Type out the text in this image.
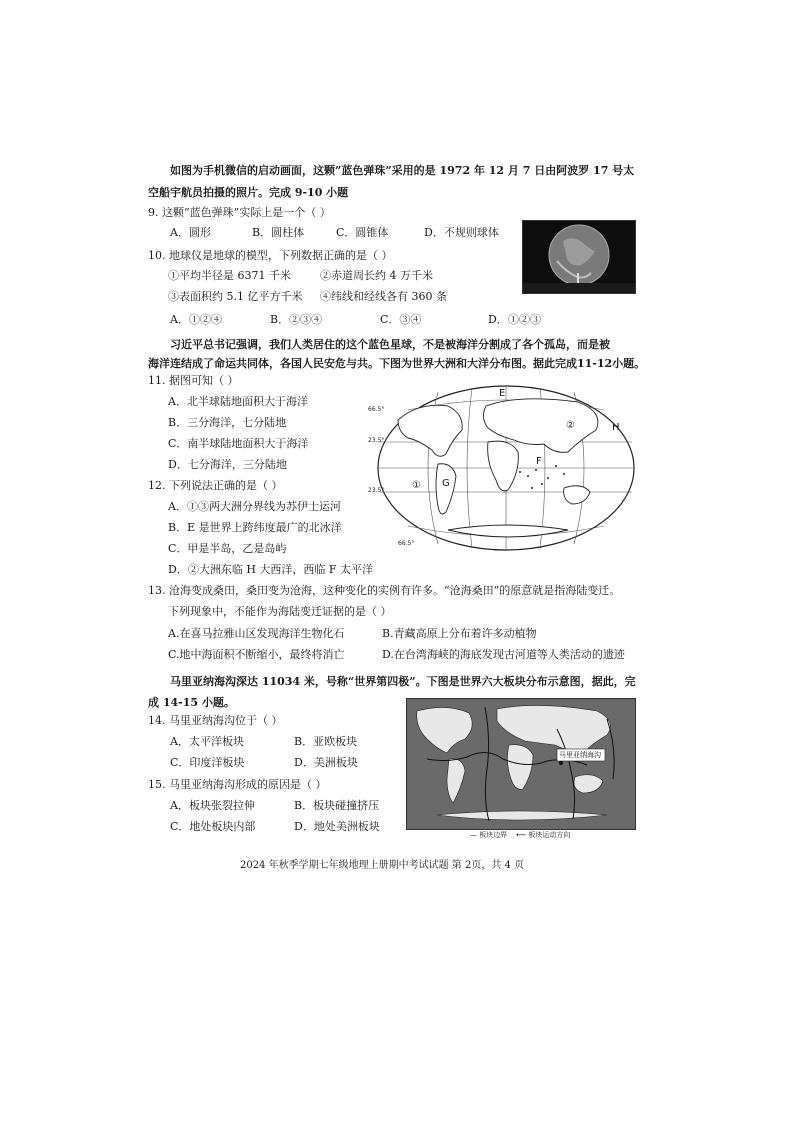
如图为手机微信的启动画面，这颗”蓝色弹珠”采用的是 1972 年 12 月 7 日由阿波罗 17 号太
空船宇航员拍摄的照片。完成 9-10 小题
9. 这颗“蓝色弹珠”实际上是一个（ ）
A．圆形	B．圆柱体	C．圆锥体	D．不规则球体
10. 地球仪是地球的模型，下列数据正确的是（ ）
①平均半径是 6371 千米	②赤道周长约 4 万千米
③表面积约 5.1 亿平方千米 ④纬线和经线各有 360 条
A．①②④	B．②③④	C．③④	D．①②③
习近平总书记强调，我们人类居住的这个蓝色星球，不是被海洋分割成了各个孤岛，而是被
海洋连结成了命运共同体，各国人民安危与共。下图为世界大洲和大洋分布图。据此完成11-12小题。
11. 据图可知（ ）
A．北半球陆地面积大于海洋
B．三分海洋，七分陆地
C．南半球陆地面积大于海洋
D．七分海洋，三分陆地
12. 下列说法正确的是（ ）
A．①③两大洲分界线为苏伊士运河
B．E 是世界上跨纬度最广的北冰洋
C．甲是半岛，乙是岛屿
D．②大洲东临 H 大西洋，西临 F 太平洋
E
H
F
G
②
①
66.5°
23.5°
23.5°
66.5°
13. 沧海变成桑田，桑田变为沧海，这种变化的实例有许多。“沧海桑田”的原意就是指海陆变迁。
下列现象中，不能作为海陆变迁证据的是（ ）
A.在喜马拉雅山区发现海洋生物化石	B.青藏高原上分布着许多动植物
C.地中海面积不断缩小，最终将消亡	D.在台湾海峡的海底发现古河道等人类活动的遗迹
马里亚纳海沟深达 11034 米，号称“世界第四极”。下图是世界六大板块分布示意图，据此，完
成 14-15 小题。
14. 马里亚纳海沟位于（ ）
A．太平洋板块	B．亚欧板块
C．印度洋板块	D．美洲板块
15. 马里亚纳海沟形成的原因是（ ）
A．板块张裂拉伸	B．板块碰撞挤压
C．地处板块内部	D．地处美洲板块
马里亚纳海沟
— 板块边界 ⟵ 板块运动方向
2024 年秋季学期七年级地理上册期中考试试题 第 2页，共 4 页
